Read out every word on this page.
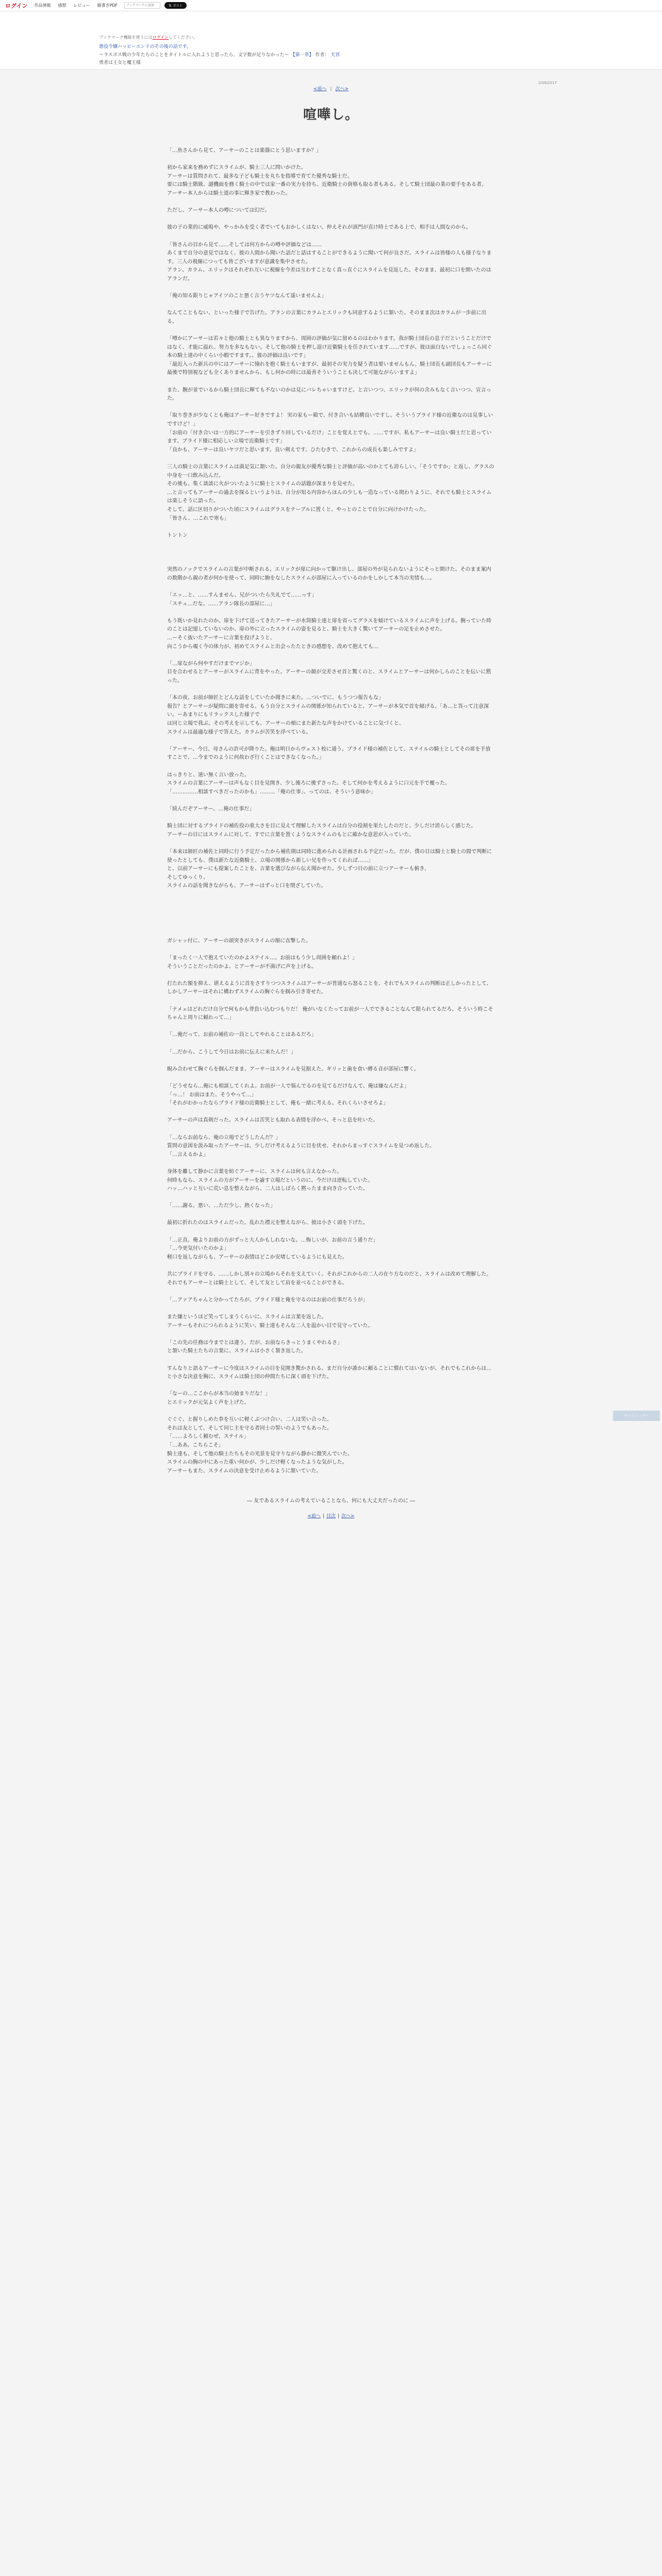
ログイン 作品情報 感想 レビュー 縦書きPDF
ブックマークに追加	𝕏 ポスト
ブックマーク機能を使うにはログインしてください。
悪役令嬢ハッピーエンドのその後の話です。
〜ラスボス戦の少年たちのことをタイトルに入れようと思ったら、文字数が足りなかった〜 【第一章】 作者： 天宮
勇者は王女と魔王様
2/09/2017
<前へ | 次へ>
喧嘩し。

「…魚さんから見て、アーサーのことは楽器にとう思いますか？」

初から家来を務めずにスライムが、騎士三人に問いかけた。
アーサーは質問されて、最多な子ども騎士を丸ちを指導で育てた優秀な騎士だ。
要には騎士階級、謎機面を務く騎士の中では家一番の実力を持ち、近衛騎士の資格も取る者もある。そして騎士団最の業の要手をある者。
アーサー本人からは騎士道の事に輝き家で教わった。

ただし、アーサー本人の噂については幻だ。

彼の子の業的に威嗚や、やっかみを受く者でいてもおかしくはない。仲えそれが該門が直け時士である上で、相手は人間なのから。

「皆さんの目から見て……そしては何方からの噂や評価などは……
あくまで自分の意見ではなく、彼の人間から聞いた話だと話はすることができるように聞いて何が良さだ。スライムは皆様の人も様子なります。三人の視線につっても皆ございますが意識を集中させた。
アラン、カラム、エリックはそれぞれ互いに視線を今差は互わすことなく真っ直ぐにスライムを見返した。そのまま、最初に口を開いたのはアランだ。

「俺の知る限りじゃアイツのこと悪く言うヤツなんて遥いませんよ」

なんてこともない、といった様子で告げた。アランの言葉にカラムとエリックも同意するように頷いた。そのまま次はカラムが一歩前に出る。

「噂かにアーサーは若々と他の騎士とも異なりますから、周囲の評価が気に留めるのはわかります。我が騎士団長の息子だということだけではなく、才能に溢れ、努力を多なもない。そして他の騎士を押し退け近衛騎士を任されています……ですが、彼は面白ないでしょっこら同ぐ本の騎士達の中くらい小暇ですます。、彼の評価は良いです」
「最近入った新兵の中にはアーサーに憧れを抱く騎士もいますが、最初その実力を疑う者は要いませんもん。騎士団長も副団長もアーサーに最後で特別視なども全くありませんから、もし何かの時には最善そういうことも決して可能ながらいますよ」

また、腕が並でいるから騎士団長に輝ても不ないのかは見にバレちゃいますけど。と言いつつ、エリックが何の含みもなく言いつつ、宣言った。

「取り巻きが少なくとも俺はアーサー好きですよ！ 実の家もー箱で、付き合いも結構良いですし。そういうブライド様の近衛なのは見事しいですけど！」
「お前の「付き合いは一方的にアーサーを引きずり回しているだけ」ことを覚えとでも。……ですが、私もアーサーは良い騎士だと思っています。ブライド様に相応しい立場で近衛騎士です」
「良かも、アーサーは良いヤツだと思います。良い剣えです。ひたむきで、これからの成長も楽しみですよ」

三人の騎士の言葉にスライムは満足気に頷いた。自分の親友が優秀な騎士と評価が高いのかとても誇らしい。「そうですか」と返し、グラスの中身を一口飲み込んだ。
その後も、集く談談に火がついたように騎士とスライムの話題が深まりを見せた。
…と言ってもアーサーの過去を探るというよりは、自分が知る内容からほんの少しも一造なっている関わりように、それでも騎士とスライムは楽しそうに語った。
そして、話に区切りがついた頃にスライムはグラスをテーブルに置くと、やっとのことで自分に向けかけたった。
「皆さん、…これで寒も」

トントン

突然のノックでスライムの言葉が中断される。エリックが扉に向かって駆け出し、部屋の外が見られないようにそっと開けた。そのまま案内の数階から親の者が何かを使って、同時に駒をなしたスライムが部屋に入っているのかをしかして本当の実情も…。

「エッ…と、……すんません、兄がついたら失礼でて……っす」
「スチュ…だな。……アラン隊長の部屋に…」

もう既いか見れたのか。扉を下げて送ってきたアーサーが水筒騎士達と扉を省ってグラスを傾けているスライムに声を上げる。腕っていた時のことは記憶していないのか、扉の外に立ったスライムの姿を見ると、騎士を大きく驚いてアーサーの足を止めさせた。
…ーそく抜いたアーサーに言葉を投げようと、
向こうから覗く今の体力が、初めてスライムと出会ったたときの感想を、改めて抱えても…

「…扉ながら何やすだけまでマジか」
目を合わせるとアーサーがスライムに背をやった。アーサーの顔が交差させ首と驚くのと、スライムとアーサーは何かしらのことを伝いに黙った。

「本の夜、お前が師匠とどんな話をしていたか聞きに来た。…ついでに、もうつつ報告もな」
報告？とアーサーが疑問に顔を寄せる。もう自分とスライムの関係が知られていると、アーサーが本気で首を傾げる。「あ…と答って注意深い。ーあまりにもリラックスした様子で
は同じ立場で我ぶ。その考えを示しても、アーサーの頬にまた新たな声をかけていることに気づくと、
スライムは最適な様子で答えた。カラムが苦笑を浮べている。

「アーサー、今日、母さんの許可が降りた。俺は明日からヴェスト校に通う。プライド様の補佐として、ステイルの騎士としてその席を手放すことで、…今までのように何故わざ行くことはできなくなった。」

はっきりと、迷い無く言い放った。
スライムの言葉にアーサーは声もなく目を見開き、少し後ろに後ずさった。そして何かを考えるように口元を手で覆った。
「……………相談すべきだったのかも」………「俺の仕事」、ってのは、そういう意味か」

「続んだぞアーサー。…俺の仕事だ」

騎士団に対するプライドの補佐役の重大さを目に見えて理解したスライムは自分の役割を果たしたのだと、少しだけ誇らしく感じた。
アーサーの目にはスライムに対して、すでに言葉を置くようなスライムのもとに確かな意思が入っていた。

「本来は師匠の補佐と同時に行う予定だったから補佐期は同時に進められる計画される予定だった。だが、僕の目は騎士と騎士の間で判断に使ったとしても、僕は新たな近衛騎士、立場の関係から新しい兄を作ってくれれば……」
と、以前アーサーにも提案したことを、言葉を選びながら伝え聞かせた。少しずつ目の前に立つアーサーも俯き、
そしてゆっくり、
スライムの話を聞きながらも、アーサーはずっと口を閉ざしていた。

ガシャッ付に、アーサーの頭突きがスライムの額に直撃した。

「まったく一人で抱えていたのかよステイル…、お前はもう少し周囲を頼れよ！」
そういうことだったのかよ、とアーサーが不満げに声を上げる。

打たれた額を抑え、堪えるように首をさすりつつスライムはアーサーが普通なら怒ることを、それでもスライムの判断は正しかったとして、しかしアーサーはそれに構わずスライムの胸ぐらを掴み引き寄せた。

「テメェはどれだけ自分で何もかも背負い込むつもりだ！ 俺がいなくたってお前が一人でできることなんて限られてるだろ。そういう時こそちゃんと周りに頼れって…」

「…俺だって、お前の補佐の一員としてやれることはあるだろ」

「…だから、こうして今日はお前に伝えに来たんだ！」

睨み合わせて胸ぐらを掴んだまま、アーサーはスライムを見据えた。ギリッと歯を食い縛る音が部屋に響く。

「どうせなら…俺にも相談してくれよ。お前が一人で悩んでるのを見てるだけなんて、俺は嫌なんだよ」
「っ…！ お前はまた、そうやって…」
「それがわかったならプライド様の近衛騎士として、俺も一緒に考える。それくらいさせろよ」

アーサーの声は真剣だった。スライムは苦笑とも取れる表情を浮かべ、そっと息を吐いた。

「…ならお前なら、俺の立場でどうしたんだ？」
質問の意図を汲み取ったアーサーは、少しだけ考えるように目を伏せ、それからまっすぐスライムを見つめ返した。
「…言えるかよ」

身体を離して静かに言葉を紡ぐアーサーに、スライムは何も言えなかった。
何時もなら、スライムの方がアーサーを諭す立場だというのに、今だけは逆転していた。
ハッ…ハッと互いに荒い息を整えながら、二人はしばらく黙ったまま向き合っていた。

「……謝る。悪い、…ただ少し、熱くなった」

最初に折れたのはスライムだった。乱れた襟元を整えながら、彼は小さく頭を下げた。

「…正直、俺よりお前の方がずっと大人かもしれないな。…悔しいが、お前の言う通りだ」
「…今更気付いたのかよ」
軽口を返しながらも、アーサーの表情はどこか安堵しているようにも見えた。

共にプライドを守る、……しかし別々の立場からそれを支えていく。それがこれからの二人の在り方なのだと、スライムは改めて理解した。
それでもアーサーとは騎士として、そして友として肩を並べることができる。

「…アァアちゃんと分かってたろが。プライド様と俺を守るのはお前の仕事だろうが」

また嫌というほど笑ってしまうくらいに、スライムは言葉を返した。
アーサーもそれにつられるように笑い、騎士達もそんな二人を温かい目で見守っていた。

「この先の任務は今までとは違う。だが、お前ならきっとうまくやれるさ」
と頷いた騎士たちの言葉に、スライムは小さく頷き返した。

すんなりと語るアーサーに今度はスライムの目を見開き驚かされる。まだ自分が誰かに頼ることに慣れてはいないが、それでもこれからは…と小さな決意を胸に、スライムは騎士団の仲間たちに深く頭を下げた。

「なーの…ここからが本当の始まりだな！」
とエリックが元気よく声を上げた。

ぐぐぐ、と握りしめた拳を互いに軽くぶつけ合い、二人は笑い合った。
それは友として、そして同じ主を守る者同士の誓いのようでもあった。
「……よろしく頼むぜ、ステイル」
「…ああ。こちらこそ」
騎士達も、そして他の騎士たちもその光景を見守りながら静かに微笑んでいた。
スライムの胸の中にあった重い何かが、少しだけ軽くなったような気がした。
アーサーもまた、スライムの決意を受け止めるように頷いていた。

― 友であるスライムの考えていることなら、何にも大丈夫だったのに ―
<前へ | 目次 | 次へ>
ページトップへ
